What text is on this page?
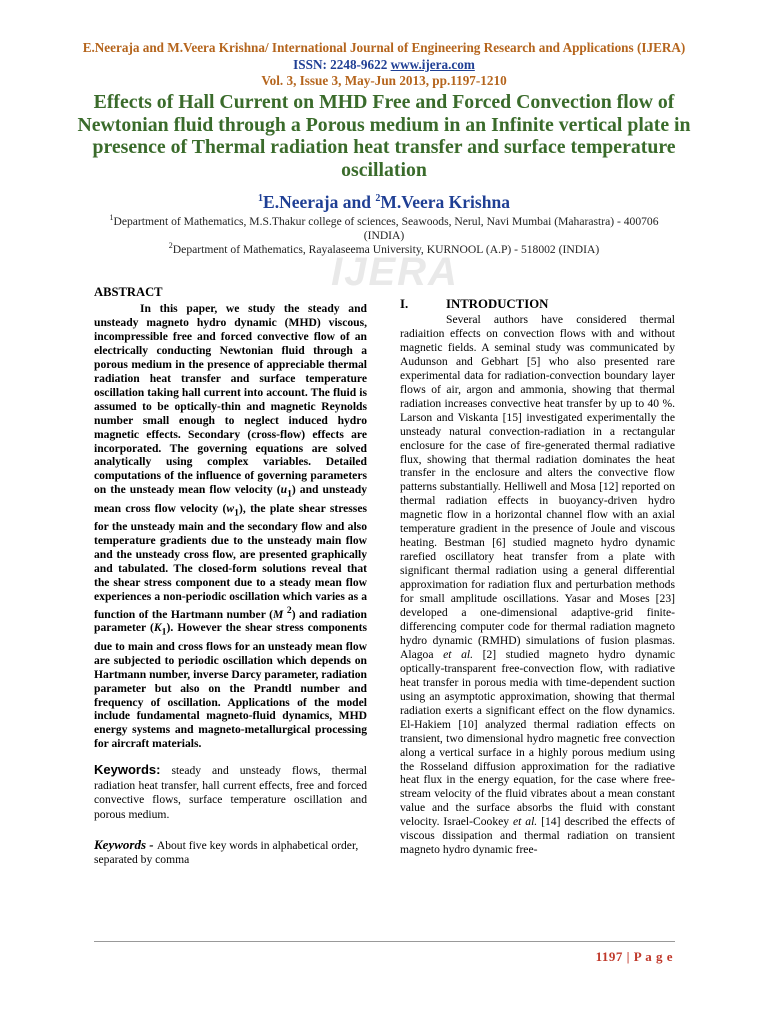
IJERA
E.Neeraja and M.Veera Krishna/ International Journal of Engineering Research and Applications (IJERA) ISSN: 2248-9622 www.ijera.com
Vol. 3, Issue 3, May-Jun 2013, pp.1197-1210
Effects of Hall Current on MHD Free and Forced Convection flow of Newtonian fluid through a Porous medium in an Infinite vertical plate in presence of Thermal radiation heat transfer and surface temperature oscillation
$^1$E.Neeraja and $^2$M.Veera Krishna
$^1$Department of Mathematics, M.S.Thakur college of sciences, Seawoods, Nerul, Navi Mumbai (Maharastra) - 400706 (INDIA)
$^2$Department of Mathematics, Rayalaseema University, KURNOOL (A.P) - 518002 (INDIA)
ABSTRACT

In this paper, we study the steady and unsteady magneto hydro dynamic (MHD) viscous, incompressible free and forced convective flow of an electrically conducting Newtonian fluid through a porous medium in the presence of appreciable thermal radiation heat transfer and surface temperature oscillation taking hall current into account. The fluid is assumed to be optically-thin and magnetic Reynolds number small enough to neglect induced hydro magnetic effects. Secondary (cross-flow) effects are incorporated. The governing equations are solved analytically using complex variables. Detailed computations of the influence of governing parameters on the unsteady mean flow velocity $(u_1)$ and unsteady mean cross flow velocity $(w_1)$, the plate shear stresses for the unsteady main and the secondary flow and also temperature gradients due to the unsteady main flow and the unsteady cross flow, are presented graphically and tabulated. The closed-form solutions reveal that the shear stress component due to a steady mean flow experiences a non-periodic oscillation which varies as a function of the Hartmann number (M $^2$) and radiation parameter $(K_1)$. However the shear stress components due to main and cross flows for an unsteady mean flow are subjected to periodic oscillation which depends on Hartmann number, inverse Darcy parameter, radiation parameter but also on the Prandtl number and frequency of oscillation. Applications of the model include fundamental magneto-fluid dynamics, MHD energy systems and magneto-metallurgical processing for aircraft materials.

Keywords: steady and unsteady flows, thermal radiation heat transfer, hall current effects, free and forced convective flows, surface temperature oscillation and porous medium.

Keywords - About five key words in alphabetical order, separated by comma

I.	INTRODUCTION

Several authors have considered thermal radiaition effects on convection flows with and without magnetic fields. A seminal study was communicated by Audunson and Gebhart [5] who also presented rare experimental data for radiation-convection boundary layer flows of air, argon and ammonia, showing that thermal radiation increases convective heat transfer by up to 40 %. Larson and Viskanta [15] investigated experimentally the unsteady natural convection-radiation in a rectangular enclosure for the case of fire-generated thermal radiative flux, showing that thermal radiation dominates the heat transfer in the enclosure and alters the convective flow patterns substantially. Helliwell and Mosa [12] reported on thermal radiation effects in buoyancy-driven hydro magnetic flow in a horizontal channel flow with an axial temperature gradient in the presence of Joule and viscous heating. Bestman [6] studied magneto hydro dynamic rarefied oscillatory heat transfer from a plate with significant thermal radiation using a general differential approximation for radiation flux and perturbation methods for small amplitude oscillations. Yasar and Moses [23] developed a one-dimensional adaptive-grid finite-differencing computer code for thermal radiation magneto hydro dynamic (RMHD) simulations of fusion plasmas. Alagoa et al. [2] studied magneto hydro dynamic optically-transparent free-convection flow, with radiative heat transfer in porous media with time-dependent suction using an asymptotic approximation, showing that thermal radiation exerts a significant effect on the flow dynamics. El-Hakiem [10] analyzed thermal radiation effects on transient, two dimensional hydro magnetic free convection along a vertical surface in a highly porous medium using the Rosseland diffusion approximation for the radiative heat flux in the energy equation, for the case where free-stream velocity of the fluid vibrates about a mean constant value and the surface absorbs the fluid with constant velocity. Israel-Cookey et al. [14] described the effects of viscous dissipation and thermal radiation on transient magneto hydro dynamic free-

1197 | P a g e
